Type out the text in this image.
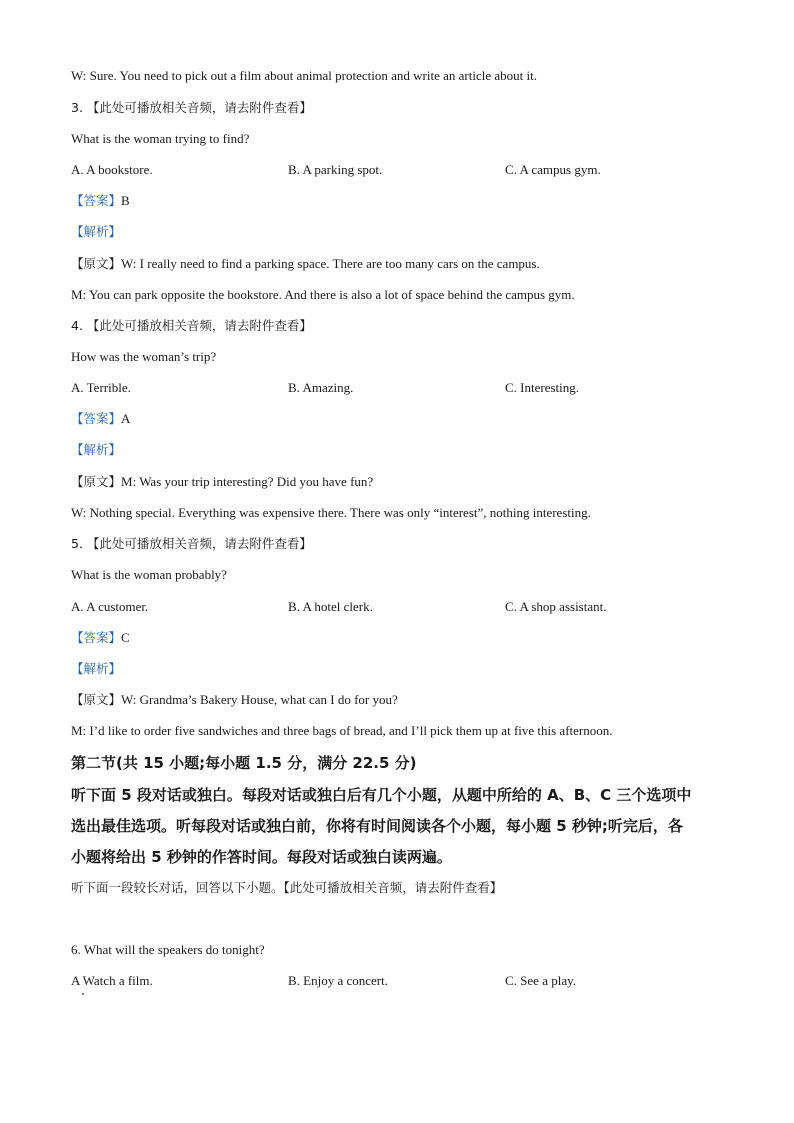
W: Sure. You need to pick out a film about animal protection and write an article about it.
3. 【此处可播放相关音频，请去附件查看】
What is the woman trying to find?
A. A bookstore.	B. A parking spot.	C. A campus gym.
【答案】B
【解析】
【原文】W: I really need to find a parking space. There are too many cars on the campus.
M: You can park opposite the bookstore. And there is also a lot of space behind the campus gym.
4. 【此处可播放相关音频，请去附件查看】
How was the woman’s trip?
A. Terrible.	B. Amazing.	C. Interesting.
【答案】A
【解析】
【原文】M: Was your trip interesting? Did you have fun?
W: Nothing special. Everything was expensive there. There was only “interest”, nothing interesting.
5. 【此处可播放相关音频，请去附件查看】
What is the woman probably?
A. A customer.	B. A hotel clerk.	C. A shop assistant.
【答案】C
【解析】
【原文】W: Grandma’s Bakery House, what can I do for you?
M: I’d like to order five sandwiches and three bags of bread, and I’ll pick them up at five this afternoon.
第二节(共 15 小题;每小题 1.5 分，满分 22.5 分)
听下面 5 段对话或独白。每段对话或独白后有几个小题，从题中所给的 A、B、C 三个选项中
选出最佳选项。听每段对话或独白前，你将有时间阅读各个小题，每小题 5 秒钟;听完后，各
小题将给出 5 秒钟的作答时间。每段对话或独白读两遍。
听下面一段较长对话，回答以下小题。【此处可播放相关音频，请去附件查看】
6. What will the speakers do tonight?
A Watch a film.	B. Enjoy a concert.	C. See a play.
